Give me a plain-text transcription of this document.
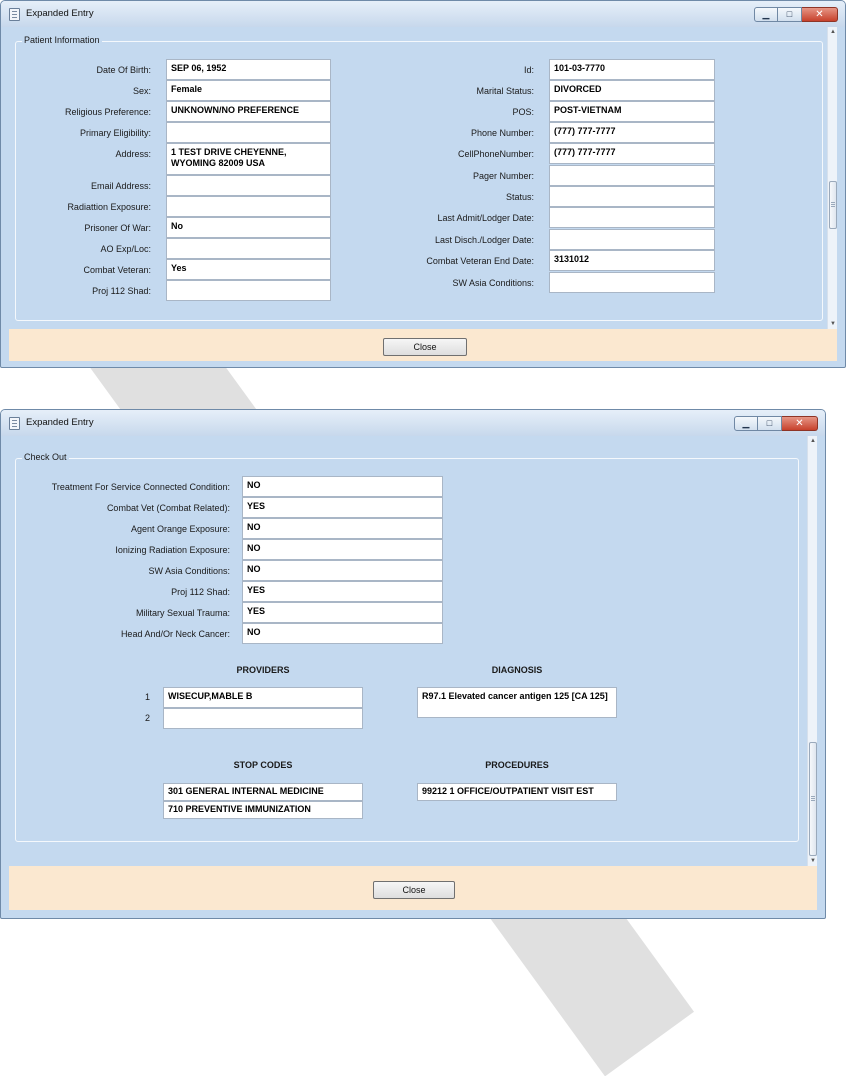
Expanded Entry	▁ □ ✕
Patient Information
Date Of Birth:	SEP 06, 1952
Sex:	Female
Religious Preference:	UNKNOWN/NO PREFERENCE
Primary Eligibility:
Address:	1 TEST DRIVE CHEYENNE, WYOMING 82009 USA
Email Address:
Radiattion Exposure:
Prisoner Of War:	No
AO Exp/Loc:
Combat Veteran:	Yes
Proj 112 Shad:
Id:	101-03-7770
Marital Status:	DIVORCED
POS:	POST-VIETNAM
Phone Number:	(777) 777-7777
CellPhoneNumber:	(777) 777-7777
Pager Number:
Status:
Last Admit/Lodger Date:
Last Disch./Lodger Date:
Combat Veteran End Date:	3131012
SW Asia Conditions:
▲
▼
Close
Expanded Entry	▁ □ ✕
Check Out
Treatment For Service Connected Condition:	NO
Combat Vet (Combat Related):	YES
Agent Orange Exposure:	NO
Ionizing Radiation Exposure:	NO
SW Asia Conditions:	NO
Proj 112 Shad:	YES
Military Sexual Trauma:	YES
Head And/Or Neck Cancer:	NO
PROVIDERS
1	WISECUP,MABLE B
2
DIAGNOSIS
R97.1 Elevated cancer antigen 125 [CA 125]
STOP CODES
301 GENERAL INTERNAL MEDICINE
710 PREVENTIVE IMMUNIZATION
PROCEDURES
99212 1 OFFICE/OUTPATIENT VISIT EST
▲
▼
Close
